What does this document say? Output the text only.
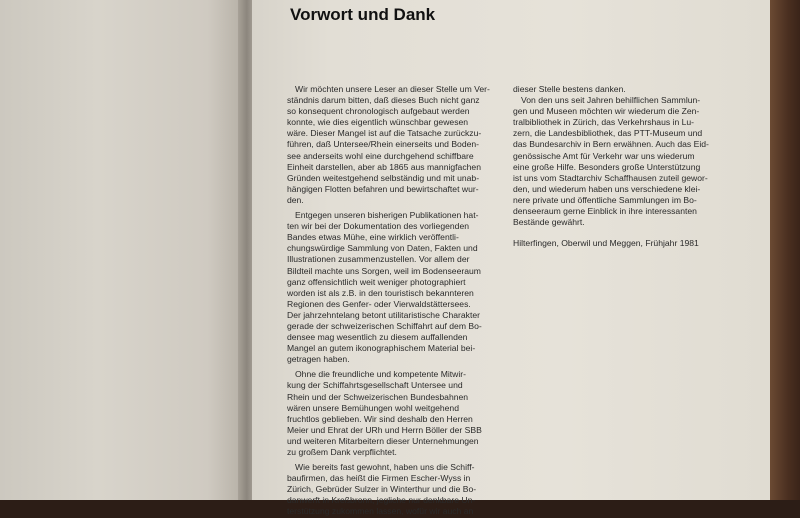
Vorwort und Dank
Wir möchten unsere Leser an dieser Stelle um Ver-
ständnis darum bitten, daß dieses Buch nicht ganz
so konsequent chronologisch aufgebaut werden
konnte, wie dies eigentlich wünschbar gewesen
wäre. Dieser Mangel ist auf die Tatsache zurückzu-
führen, daß Untersee/Rhein einerseits und Boden-
see anderseits wohl eine durchgehend schiffbare
Einheit darstellen, aber ab 1865 aus mannigfachen
Gründen weitestgehend selbständig und mit unab-
hängigen Flotten befahren und bewirtschaftet wur-
den.
Entgegen unseren bisherigen Publikationen hat-
ten wir bei der Dokumentation des vorliegenden
Bandes etwas Mühe, eine wirklich veröffentli-
chungswürdige Sammlung von Daten, Fakten und
Illustrationen zusammenzustellen. Vor allem der
Bildteil machte uns Sorgen, weil im Bodenseeraum
ganz offensichtlich weit weniger photographiert
worden ist als z.B. in den touristisch bekannteren
Regionen des Genfer- oder Vierwaldstättersees.
Der jahrzehntelang betont utilitaristische Charakter
gerade der schweizerischen Schiffahrt auf dem Bo-
densee mag wesentlich zu diesem auffallenden
Mangel an gutem ikonographischem Material bei-
getragen haben.
Ohne die freundliche und kompetente Mitwir-
kung der Schiffahrtsgesellschaft Untersee und
Rhein und der Schweizerischen Bundesbahnen
wären unsere Bemühungen wohl weitgehend
fruchtlos geblieben. Wir sind deshalb den Herren
Meier und Ehrat der URh und Herrn Böller der SBB
und weiteren Mitarbeitern dieser Unternehmungen
zu großem Dank verpflichtet.
Wie bereits fast gewohnt, haben uns die Schiff-
baufirmen, das heißt die Firmen Escher-Wyss in
Zürich, Gebrüder Sulzer in Winterthur und die Bo-
danwerft in Kreßbronn, jegliche nur denkbare Un-
terstützung zukommen lassen, wofür wir auch an
dieser Stelle bestens danken.
Von den uns seit Jahren behilflichen Sammlun-
gen und Museen möchten wir wiederum die Zen-
tralbibliothek in Zürich, das Verkehrshaus in Lu-
zern, die Landesbibliothek, das PTT-Museum und
das Bundesarchiv in Bern erwähnen. Auch das Eid-
genössische Amt für Verkehr war uns wiederum
eine große Hilfe. Besonders große Unterstützung
ist uns vom Stadtarchiv Schaffhausen zuteil gewor-
den, und wiederum haben uns verschiedene klei-
nere private und öffentliche Sammlungen im Bo-
denseeraum gerne Einblick in ihre interessanten
Bestände gewährt.
Hilterfingen, Oberwil und Meggen, Frühjahr 1981
